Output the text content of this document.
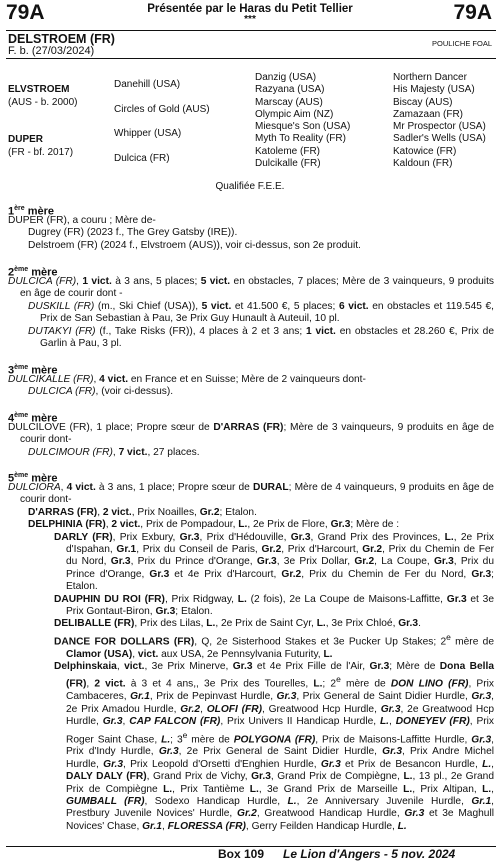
79A	79A
Présentée par le Haras du Petit Tellier
***
DELSTROEM (FR)
F. b. (27/03/2024)
POULICHE FOAL
ELVSTROEM
(AUS - b. 2000)
DUPER
(FR - bf. 2017)
Danehill (USA)
Circles of Gold (AUS)
Whipper (USA)
Dulcica (FR)
Danzig (USA)
Razyana (USA)
Marscay (AUS)
Olympic Aim (NZ)
Miesque's Son (USA)
Myth To Reality (FR)
Katoleme (FR)
Dulcikalle (FR)
Northern Dancer
His Majesty (USA)
Biscay (AUS)
Zamazaan (FR)
Mr Prospector (USA)
Sadler's Wells (USA)
Katowice (FR)
Kaldoun (FR)
Qualifiée F.E.E.
1ère mère
DUPER (FR), a couru ; Mère de-
Dugrey (FR) (2023 f., The Grey Gatsby (IRE)).
Delstroem (FR) (2024 f., Elvstroem (AUS)), voir ci-dessus, son 2e produit.
2ème mère
DULCICA (FR), 1 vict. à 3 ans, 5 places; 5 vict. en obstacles, 7 places; Mère de 3 vainqueurs, 9 produits en âge de courir dont -
DUSKILL (FR) (m., Ski Chief (USA)), 5 vict. et 41.500 €, 5 places; 6 vict. en obstacles et 119.545 €, Prix de San Sebastian à Pau, 3e Prix Guy Hunault à Auteuil, 10 pl.
DUTAKYI (FR) (f., Take Risks (FR)), 4 places à 2 et 3 ans; 1 vict. en obstacles et 28.260 €, Prix de Garlin à Pau, 3 pl.
3ème mère
DULCIKALLE (FR), 4 vict. en France et en Suisse; Mère de 2 vainqueurs dont-
DULCICA (FR), (voir ci-dessus).
4ème mère
DULCILOVE (FR), 1 place; Propre sœur de D'ARRAS (FR); Mère de 3 vainqueurs, 9 produits en âge de courir dont-
DULCIMOUR (FR), 7 vict., 27 places.
5ème mère
DULCIORA, 4 vict. à 3 ans, 1 place; Propre sœur de DURAL; Mère de 4 vainqueurs, 9 produits en âge de courir dont-
D'ARRAS (FR), 2 vict., Prix Noailles, Gr.2; Etalon.
DELPHINIA (FR), 2 vict., Prix de Pompadour, L., 2e Prix de Flore, Gr.3; Mère de :
DARLY (FR), Prix Exbury, Gr.3, Prix d'Hédouville, Gr.3, Grand Prix des Provinces, L., 2e Prix d'Ispahan, Gr.1, Prix du Conseil de Paris, Gr.2, Prix d'Harcourt, Gr.2, Prix du Chemin de Fer du Nord, Gr.3, Prix du Prince d'Orange, Gr.3, 3e Prix Dollar, Gr.2, La Coupe, Gr.3, Prix du Prince d'Orange, Gr.3 et 4e Prix d'Harcourt, Gr.2, Prix du Chemin de Fer du Nord, Gr.3; Etalon.
DAUPHIN DU ROI (FR), Prix Ridgway, L. (2 fois), 2e La Coupe de Maisons-Laffitte, Gr.3 et 3e Prix Gontaut-Biron, Gr.3; Etalon.
DELIBALLE (FR), Prix des Lilas, L., 2e Prix de Saint Cyr, L., 3e Prix Chloé, Gr.3.
DANCE FOR DOLLARS (FR), Q, 2e Sisterhood Stakes et 3e Pucker Up Stakes; 2e mère de Clamor (USA), vict. aux USA, 2e Pennsylvania Futurity, L.
Delphinskaia, vict., 3e Prix Minerve, Gr.3 et 4e Prix Fille de l'Air, Gr.3; Mère de Dona Bella (FR), 2 vict. à 3 et 4 ans,, 3e Prix des Tourelles, L.; 2e mère de DON LINO (FR), Prix Cambaceres, Gr.1, Prix de Pepinvast Hurdle, Gr.3, Prix General de Saint Didier Hurdle, Gr.3, 2e Prix Amadou Hurdle, Gr.2, OLOFI (FR), Greatwood Hcp Hurdle, Gr.3, 2e Greatwood Hcp Hurdle, Gr.3, CAP FALCON (FR), Prix Univers II Handicap Hurdle, L., DONEYEV (FR), Prix Roger Saint Chase, L.; 3e mère de POLYGONA (FR), Prix de Maisons-Laffitte Hurdle, Gr.3, Prix d'Indy Hurdle, Gr.3, 2e Prix General de Saint Didier Hurdle, Gr.3, Prix Andre Michel Hurdle, Gr.3, Prix Leopold d'Orsetti d'Enghien Hurdle, Gr.3 et Prix de Besancon Hurdle, L., DALY DALY (FR), Grand Prix de Vichy, Gr.3, Grand Prix de Compiègne, L., 13 pl., 2e Grand Prix de Compiègne L., Prix Tantième L., 3e Grand Prix de Marseille L., Prix Altipan, L., GUMBALL (FR), Sodexo Handicap Hurdle, L., 2e Anniversary Juvenile Hurdle, Gr.1, Prestbury Juvenile Novices' Hurdle, Gr.2, Greatwood Handicap Hurdle, Gr.3 et 3e Maghull Novices' Chase, Gr.1, FLORESSA (FR), Gerry Feilden Handicap Hurdle, L.
Box 109 Le Lion d'Angers - 5 nov. 2024
